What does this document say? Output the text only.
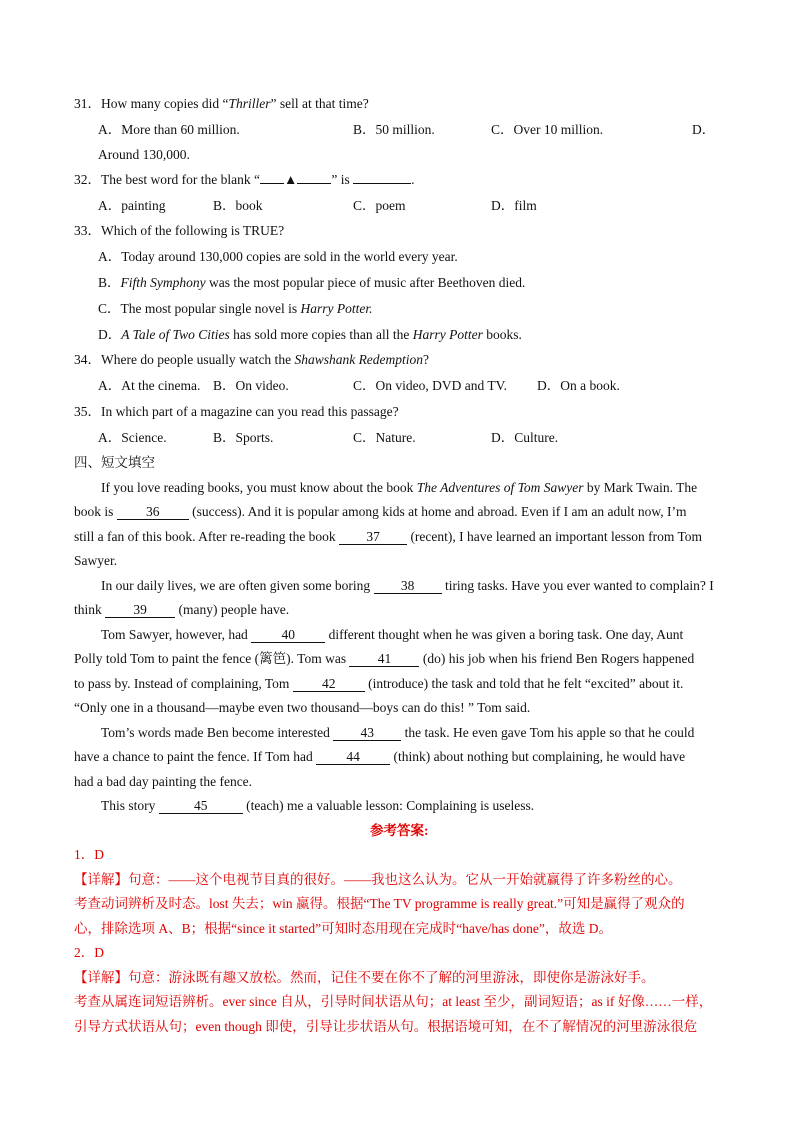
31．How many copies did “Thriller” sell at that time?
A．More than 60 million.	B．50 million.	C．Over 10 million.	D．
Around 130,000.
32．The best word for the blank “ ▲	” is	.
A．painting	B．book	C．poem	D．film
33．Which of the following is TRUE?
A．Today around 130,000 copies are sold in the world every year.
B．Fifth Symphony was the most popular piece of music after Beethoven died.
C．The most popular single novel is Harry Potter.
D．A Tale of Two Cities has sold more copies than all the Harry Potter books.
34．Where do people usually watch the Shawshank Redemption?
A．At the cinema. B．On video.	C．On video, DVD and TV. D．On a book.
35．In which part of a magazine can you read this passage?
A．Science.	B．Sports.	C．Nature.	D．Culture.
四、短文填空
If you love reading books, you must know about the book The Adventures of Tom Sawyer by Mark Twain. The
book is 36 (success). And it is popular among kids at home and abroad. Even if I am an adult now, I’m
still a fan of this book. After re-reading the book 37 (recent), I have learned an important lesson from Tom
Sawyer.
In our daily lives, we are often given some boring 38 tiring tasks. Have you ever wanted to complain? I
think 39 (many) people have.
Tom Sawyer, however, had 40 different thought when he was given a boring task. One day, Aunt
Polly told Tom to paint the fence (篱笆). Tom was 41 (do) his job when his friend Ben Rogers happened
to pass by. Instead of complaining, Tom 42 (introduce) the task and told that he felt “excited” about it.
“Only one in a thousand—maybe even two thousand—boys can do this! ” Tom said.
Tom’s words made Ben become interested 43 the task. He even gave Tom his apple so that he could
have a chance to paint the fence. If Tom had 44 (think) about nothing but complaining, he would have
had a bad day painting the fence.
This story	45	(teach) me a valuable lesson: Complaining is useless.
参考答案:
1．D
【详解】句意：——这个电视节目真的很好。——我也这么认为。它从一开始就赢得了许多粉丝的心。
考查动词辨析及时态。lost 失去；win 赢得。根据“The TV programme is really great.”可知是赢得了观众的
心，排除选项 A、B；根据“since it started”可知时态用现在完成时“have/has done”，故选 D。
2．D
【详解】句意：游泳既有趣又放松。然而，记住不要在你不了解的河里游泳，即使你是游泳好手。
考查从属连词短语辨析。ever since 自从，引导时间状语从句；at least 至少，副词短语；as if 好像……一样，
引导方式状语从句；even though 即使，引导让步状语从句。根据语境可知，在不了解情况的河里游泳很危
